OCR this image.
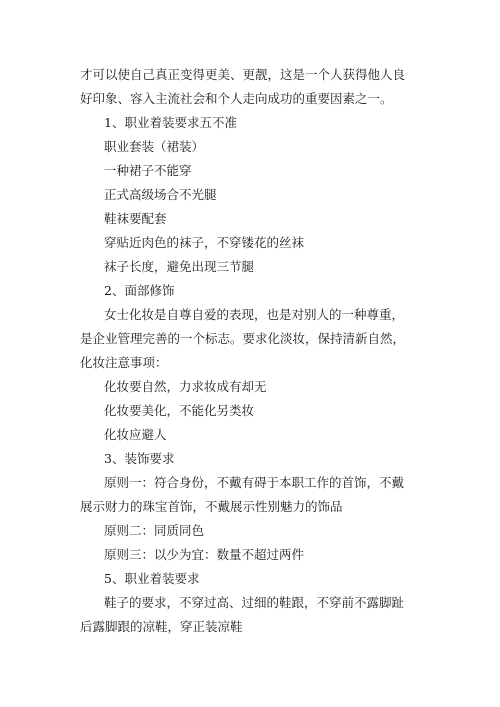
才可以使自己真正变得更美、更靓，这是一个人获得他人良
好印象、容入主流社会和个人走向成功的重要因素之一。
1、职业着装要求五不准
职业套装（裙装）
一种裙子不能穿
正式高级场合不光腿
鞋袜要配套
穿贴近肉色的袜子，不穿镂花的丝袜
袜子长度，避免出现三节腿
2、面部修饰
女士化妆是自尊自爱的表现，也是对别人的一种尊重，
是企业管理完善的一个标志。要求化淡妆，保持清新自然，
化妆注意事项：
化妆要自然，力求妆成有却无
化妆要美化，不能化另类妆
化妆应避人
3、装饰要求
原则一：符合身份，不戴有碍于本职工作的首饰，不戴
展示财力的珠宝首饰，不戴展示性别魅力的饰品
原则二：同质同色
原则三：以少为宜：数量不超过两件
5、职业着装要求
鞋子的要求，不穿过高、过细的鞋跟，不穿前不露脚趾
后露脚跟的凉鞋，穿正装凉鞋
